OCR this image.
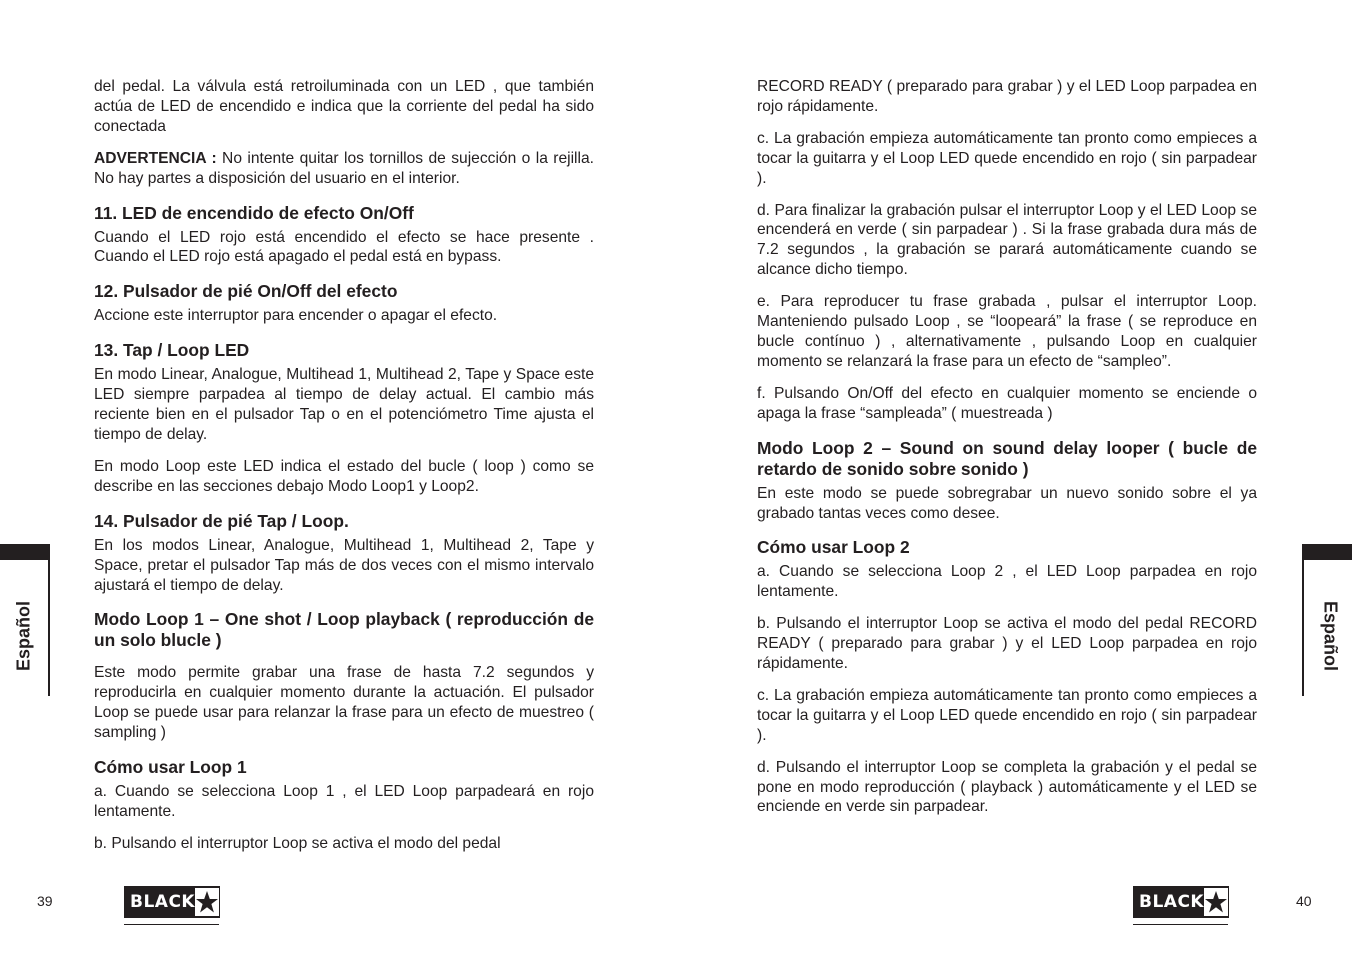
del pedal. La válvula está retroiluminada con un LED , que también actúa de LED de encendido e indica que la corriente del pedal ha sido conectada

ADVERTENCIA : No intente quitar los tornillos de sujección o la rejilla. No hay partes a disposición del usuario en el interior.

11. LED de encendido de efecto On/Off

Cuando el LED rojo está encendido el efecto se hace presente . Cuando el LED rojo está apagado el pedal está en bypass.

12. Pulsador de pié On/Off del efecto

Accione este interruptor para encender o apagar el efecto.

13. Tap / Loop LED

En modo Linear, Analogue, Multihead 1, Multihead 2, Tape y Space este LED siempre parpadea al tiempo de delay actual. El cambio más reciente bien en el pulsador Tap o en el potenciómetro Time ajusta el tiempo de delay.

En modo Loop este LED indica el estado del bucle ( loop ) como se describe en las secciones debajo Modo Loop1 y Loop2.

14. Pulsador de pié Tap / Loop.

En los modos Linear, Analogue, Multihead 1, Multihead 2, Tape y Space, pretar el pulsador Tap más de dos veces con el mismo intervalo ajustará el tiempo de delay.

Modo Loop 1 – One shot / Loop playback ( reproducción de un solo blucle )

Este modo permite grabar una frase de hasta 7.2 segundos y reproducirla en cualquier momento durante la actuación. El pulsador Loop se puede usar para relanzar la frase para un efecto de muestreo ( sampling )

Cómo usar Loop 1

a. Cuando se selecciona Loop 1 , el LED Loop parpadeará en rojo lentamente.

b. Pulsando el interruptor Loop se activa el modo del pedal

RECORD READY ( preparado para grabar ) y el LED Loop parpadea en rojo rápidamente.

c. La grabación empieza automáticamente tan pronto como empieces a tocar la guitarra y el Loop LED quede encendido en rojo ( sin parpadear ).

d. Para finalizar la grabación pulsar el interruptor Loop y el LED Loop se encenderá en verde ( sin parpadear ) . Si la frase grabada dura más de 7.2 segundos , la grabación se parará automáticamente cuando se alcance dicho tiempo.

e. Para reproducer tu frase grabada , pulsar el interruptor Loop. Manteniendo pulsado Loop , se “loopeará” la frase ( se reproduce en bucle contínuo ) , alternativamente , pulsando Loop en cualquier momento se relanzará la frase para un efecto de “sampleo”.

f. Pulsando On/Off del efecto en cualquier momento se enciende o apaga la frase “sampleada” ( muestreada )

Modo Loop 2 – Sound on sound delay looper ( bucle de retardo de sonido sobre sonido )

En este modo se puede sobregrabar un nuevo sonido sobre el ya grabado tantas veces como desee.

Cómo usar Loop 2

a. Cuando se selecciona Loop 2 , el LED Loop parpadea en rojo lentamente.

b. Pulsando el interruptor Loop se activa el modo del pedal RECORD READY ( preparado para grabar ) y el LED Loop parpadea en rojo rápidamente.

c. La grabación empieza automáticamente tan pronto como empieces a tocar la guitarra y el Loop LED quede encendido en rojo ( sin parpadear ).

d. Pulsando el interruptor Loop se completa la grabación y el pedal se pone en modo reproducción ( playback ) automáticamente y el LED se enciende en verde sin parpadear.

Español	Español
39	40
BLACK	BLACK
